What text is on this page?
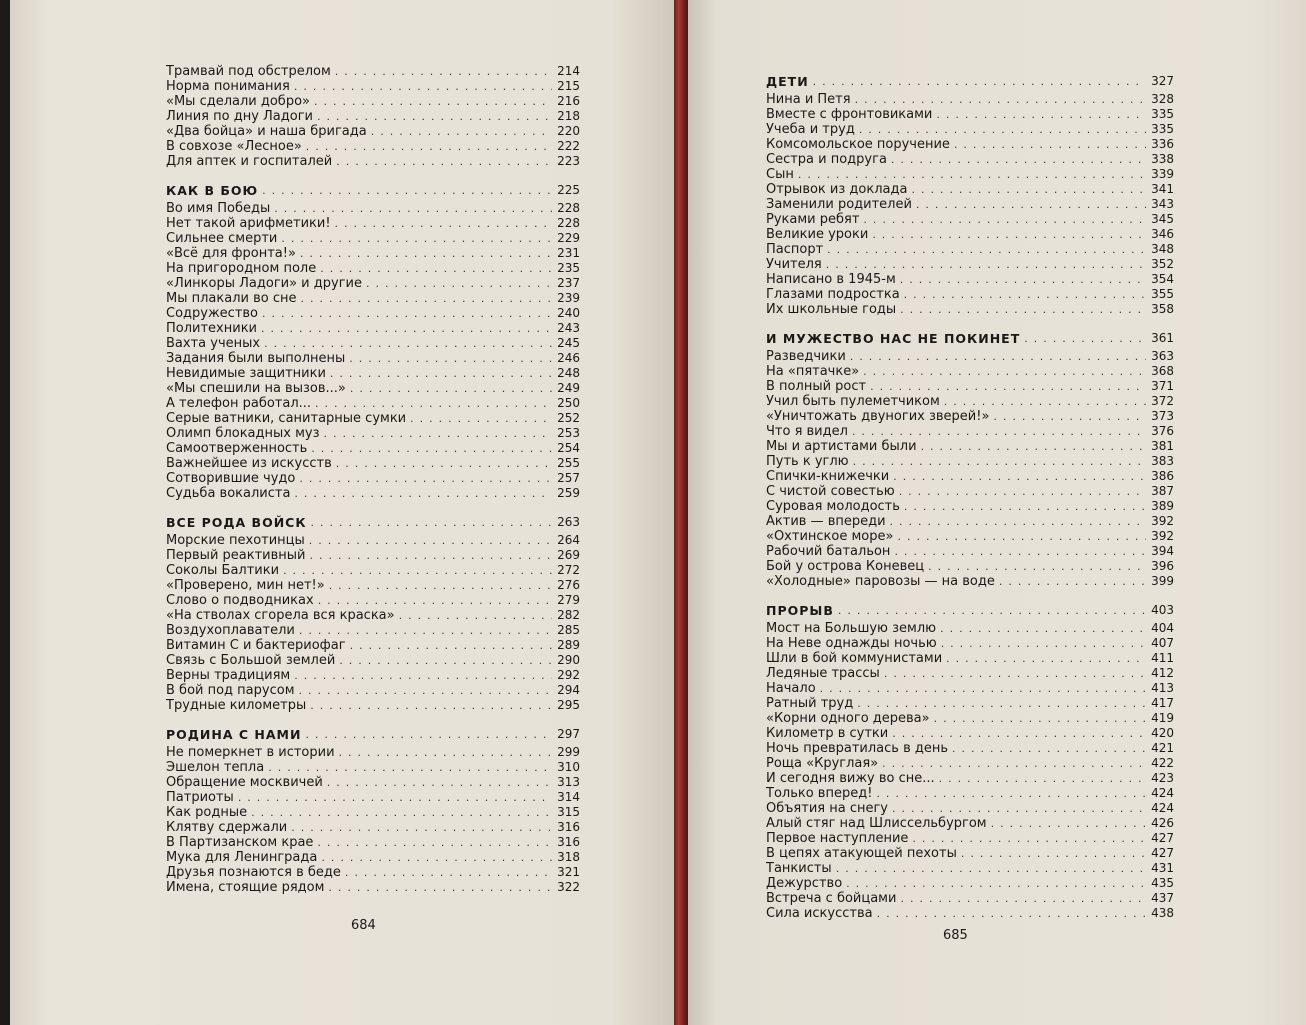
Трамвай под обстрелом .....	214
Норма понимания .....	215
«Мы сделали добро» .....	216
Линия по дну Ладоги .....	218
«Два бойца» и наша бригада .....	220
В совхозе «Лесное» .....	222
Для аптек и госпиталей .....	223
КАК В БОЮ .....	225
Во имя Победы .....	228
Нет такой арифметики! .....	228
Сильнее смерти .....	229
«Всё для фронта!» .....	231
На пригородном поле .....	235
«Линкоры Ладоги» и другие .....	237
Мы плакали во сне .....	239
Содружество .....	240
Политехники .....	243
Вахта ученых .....	245
Задания были выполнены .....	246
Невидимые защитники .....	248
«Мы спешили на вызов...» .....	249
А телефон работал... .....	250
Серые ватники, санитарные сумки .....	252
Олимп блокадных муз .....	253
Самоотверженность .....	254
Важнейшее из искусств .....	255
Сотворившие чудо .....	257
Судьба вокалиста .....	259
ВСЕ РОДА ВОЙСК .....	263
Морские пехотинцы .....	264
Первый реактивный .....	269
Соколы Балтики .....	272
«Проверено, мин нет!» .....	276
Слово о подводниках .....	279
«На стволах сгорела вся краска» .....	282
Воздухоплаватели .....	285
Витамин С и бактериофаг .....	289
Связь с Большой землей .....	290
Верны традициям .....	292
В бой под парусом .....	294
Трудные километры .....	295
РОДИНА С НАМИ .....	297
Не померкнет в истории .....	299
Эшелон тепла .....	310
Обращение москвичей .....	313
Патриоты .....	314
Как родные .....	315
Клятву сдержали .....	316
В Партизанском крае .....	316
Мука для Ленинграда .....	318
Друзья познаются в беде .....	321
Имена, стоящие рядом .....	322
684
ДЕТИ .....	327
Нина и Петя .....	328
Вместе с фронтовиками .....	335
Учеба и труд .....	335
Комсомольское поручение .....	336
Сестра и подруга .....	338
Сын .....	339
Отрывок из доклада .....	341
Заменили родителей .....	343
Руками ребят .....	345
Великие уроки .....	346
Паспорт .....	348
Учителя .....	352
Написано в 1945-м .....	354
Глазами подростка .....	355
Их школьные годы .....	358
И МУЖЕСТВО НАС НЕ ПОКИНЕТ .....	361
Разведчики .....	363
На «пятачке» .....	368
В полный рост .....	371
Учил быть пулеметчиком .....	372
«Уничтожать двуногих зверей!» .....	373
Что я видел .....	376
Мы и артистами были .....	381
Путь к углю .....	383
Спички-книжечки .....	386
С чистой совестью .....	387
Суровая молодость .....	389
Актив — впереди .....	392
«Охтинское море» .....	392
Рабочий батальон .....	394
Бой у острова Коневец .....	396
«Холодные» паровозы — на воде .....	399
ПРОРЫВ .....	403
Мост на Большую землю .....	404
На Неве однажды ночью .....	407
Шли в бой коммунистами .....	411
Ледяные трассы .....	412
Начало .....	413
Ратный труд .....	417
«Корни одного дерева» .....	419
Километр в сутки .....	420
Ночь превратилась в день .....	421
Роща «Круглая» .....	422
И сегодня вижу во сне... .....	423
Только вперед! .....	424
Объятия на снегу .....	424
Алый стяг над Шлиссельбургом .....	426
Первое наступление .....	427
В цепях атакующей пехоты .....	427
Танкисты .....	431
Дежурство .....	435
Встреча с бойцами .....	437
Сила искусства .....	438
685
